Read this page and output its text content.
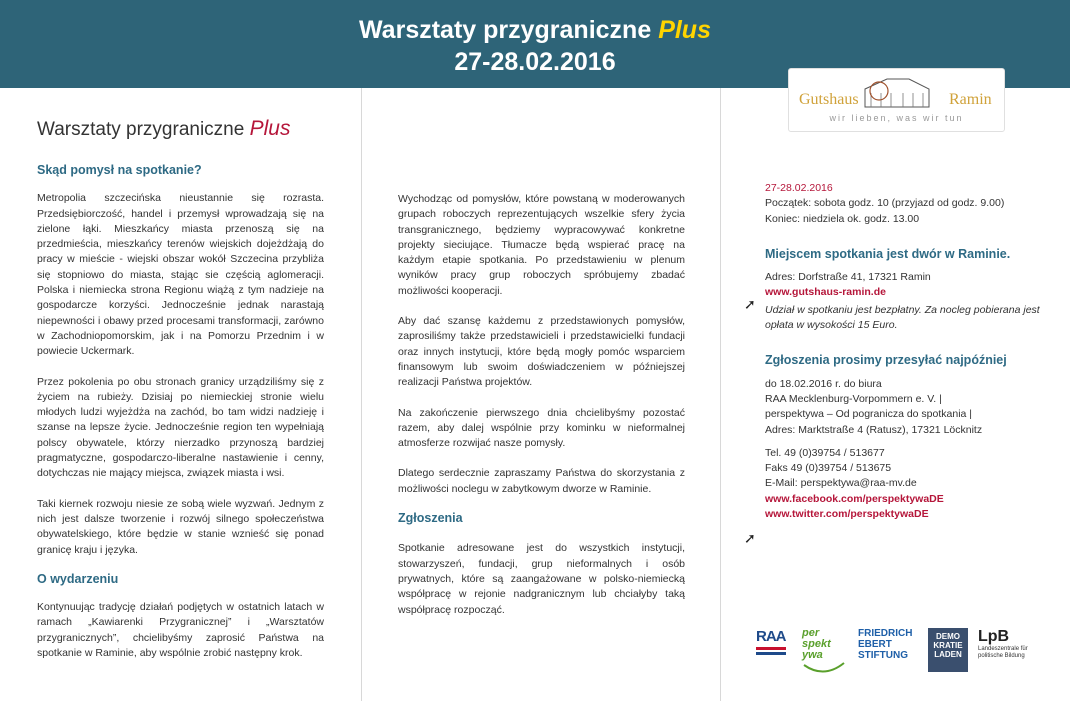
Warsztaty przygraniczne Plus
27-28.02.2016
Gutshaus	Ramin
wir lieben, was wir tun
Warsztaty przygraniczne Plus

Skąd pomysł na spotkanie?

Metropolia szczecińska nieustannie się rozrasta. Przedsiębiorczość, handel i przemysł wprowadzają się na zielone łąki. Mieszkańcy miasta przenoszą się na przedmieścia, mieszkańcy terenów wiejskich dojeżdżają do pracy w mieście - wiejski obszar wokół Szczecina przybliża się stopniowo do miasta, stając sie częścią aglomeracji. Polska i niemiecka strona Regionu wiążą z tym nadzieje na gospodarcze korzyści. Jednocześnie jednak narastają niepewności i obawy przed procesami transformacji, zarówno w Zachodniopomorskim, jak i na Pomorzu Przednim i w powiecie Uckermark.

Przez pokolenia po obu stronach granicy urządziliśmy się z życiem na rubieży. Dzisiaj po niemieckiej stronie wielu młodych ludzi wyjeżdża na zachód, bo tam widzi nadzieję i szanse na lepsze życie. Jednocześnie region ten wypełniają polscy obywatele, którzy nierzadko przynoszą bardziej pragmatyczne, gospodarczo-liberalne nastawienie i cenny, dotychczas nie mający miejsca, związek miasta i wsi.

Taki kiernek rozwoju niesie ze sobą wiele wyzwań. Jednym z nich jest dalsze tworzenie i rozwój silnego społeczeństwa obywatelskiego, które będzie w stanie wznieść się ponad granicę kraju i języka.

O wydarzeniu

Kontynuując tradycję działań podjętych w ostatnich latach w ramach „Kawiarenki Przygranicznej” i „Warsztatów przygranicznych”, chcielibyśmy zaprosić Państwa na spotkanie w Raminie, aby wspólnie zrobić następny krok.

Wychodząc od pomysłów, które powstaną w moderowanych grupach roboczych reprezentujących wszelkie sfery życia transgranicznego, będziemy wypracowywać konkretne projekty sieciujące. Tłumacze będą wspierać pracę na każdym etapie spotkania. Po przedstawieniu w plenum wyników pracy grup roboczych spróbujemy zbadać możliwości kooperacji.

Aby dać szansę każdemu z przedstawionych pomysłów, zaprosiliśmy także przedstawicieli i przedstawicielki fundacji oraz innych instytucji, które będą mogły pomóc wsparciem finansowym lub swoim doświadczeniem w późniejszej realizacji Państwa projektów.

Na zakończenie pierwszego dnia chcielibyśmy pozostać razem, aby dalej wspólnie przy kominku w nieformalnej atmosferze rozwijać nasze pomysły.

Dlatego serdecznie zapraszamy Państwa do skorzystania z możliwości noclegu w zabytkowym dworze w Raminie.

Zgłoszenia

Spotkanie adresowane jest do wszystkich instytucji, stowarzyszeń, fundacji, grup nieformalnych i osób prywatnych, które są zaangażowane w polsko-niemiecką współpracę w rejonie nadgranicznym lub chciałyby taką współpracę rozpocząć.

27-28.02.2016

Początek: sobota godz. 10 (przyjazd od godz. 9.00)

Koniec: niedziela ok. godz. 13.00

Miejscem spotkania jest dwór w Raminie.

Adres: Dorfstraße 41, 17321 Ramin

www.gutshaus-ramin.de

Udział w spotkaniu jest bezpłatny. Za nocleg pobierana jest opłata w wysokości 15 Euro.

Zgłoszenia prosimy przesyłać najpóźniej

do 18.02.2016 r. do biura

RAA Mecklenburg-Vorpommern e. V. |

perspektywa – Od pogranicza do spotkania |

Adres: Marktstraße 4 (Ratusz), 17321 Löcknitz

Tel. 49 (0)39754 / 513677

Faks 49 (0)39754 / 513675

E-Mail: perspektywa@raa-mv.de

www.facebook.com/perspektywaDE

www.twitter.com/perspektywaDE

➚
➚
RAA per spekt ywa
FRIEDRICH
EBERT
STIFTUNG
DEMO KRATIE LADEN
LpB
Landeszentrale für politische Bildung
